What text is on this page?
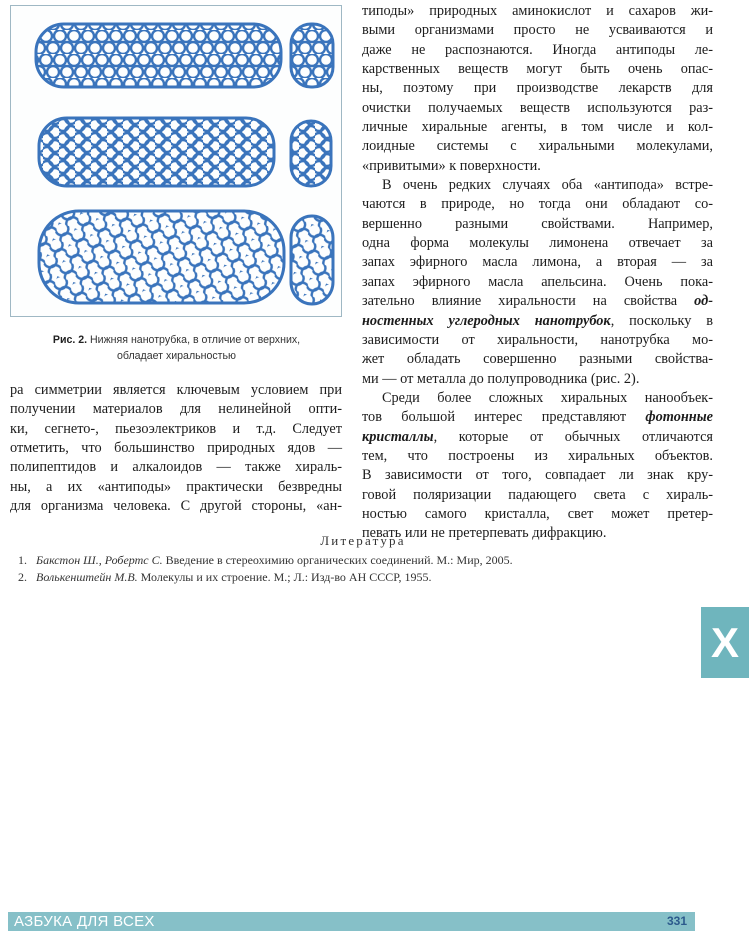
Рис. 2. Нижняя нанотрубка, в отличие от верхних,
обладает хиральностью
типоды» природных аминокислот и сахаров жи-
выми организмами просто не усваиваются и
даже не распознаются. Иногда антиподы ле-
карственных веществ могут быть очень опас-
ны, поэтому при производстве лекарств для
очистки получаемых веществ используются раз-
личные хиральные агенты, в том числе и кол-
лоидные системы с хиральными молекулами,
«привитыми» к поверхности.
В очень редких случаях оба «антипода» встре-
чаются в природе, но тогда они обладают со-
вершенно разными свойствами. Например,
одна форма молекулы лимонена отвечает за
запах эфирного масла лимона, а вторая — за
запах эфирного масла апельсина. Очень пока-
зательно влияние хиральности на свойства од-
ностенных углеродных нанотрубок, поскольку в
зависимости от хиральности, нанотрубка мо-
жет обладать совершенно разными свойства-
ми — от металла до полупроводника (рис. 2).
Среди более сложных хиральных нанообъек-
тов большой интерес представляют фотонные
кристаллы, которые от обычных отличаются
тем, что построены из хиральных объектов.
В зависимости от того, совпадает ли знак кру-
говой поляризации падающего света с хираль-
ностью самого кристалла, свет может претер-
певать или не претерпевать дифракцию.
ра симметрии является ключевым условием при
получении материалов для нелинейной опти-
ки, сегнето-, пьезоэлектриков и т.д. Следует
отметить, что большинство природных ядов —
полипептидов и алкалоидов — также хираль-
ны, а их «антиподы» практически безвредны
для организма человека. С другой стороны, «ан-
Литература
1. Бакстон Ш., Робертс С. Введение в стереохимию органических соединений. М.: Мир, 2005.
2. Волькенштейн М.В. Молекулы и их строение. М.; Л.: Изд-во АН СССР, 1955.
X
АЗБУКА ДЛЯ ВСЕХ	331
